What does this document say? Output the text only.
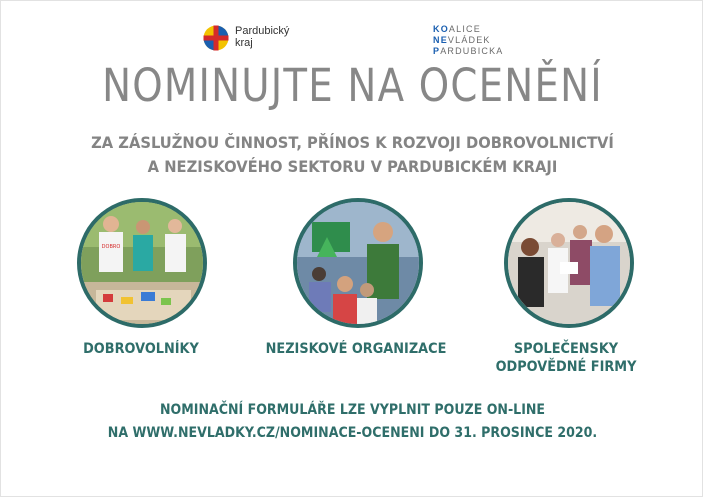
Pardubický
kraj
KOALICE
NEVLÁDEK
PARDUBICKA
NOMINUJTE NA OCENĚNÍ
ZA ZÁSLUŽNOU ČINNOST, PŘÍNOS K ROZVOJI DOBROVOLNICTVÍ
A NEZISKOVÉHO SEKTORU V PARDUBICKÉM KRAJI
DOBRO
DOBROVOLNÍKY	NEZISKOVÉ ORGANIZACE	SPOLEČENSKY
ODPOVĚDNÉ FIRMY
NOMINAČNÍ FORMULÁŘE LZE VYPLNIT POUZE ON-LINE
NA WWW.NEVLADKY.CZ/NOMINACE-OCENENI DO 31. PROSINCE 2020.
